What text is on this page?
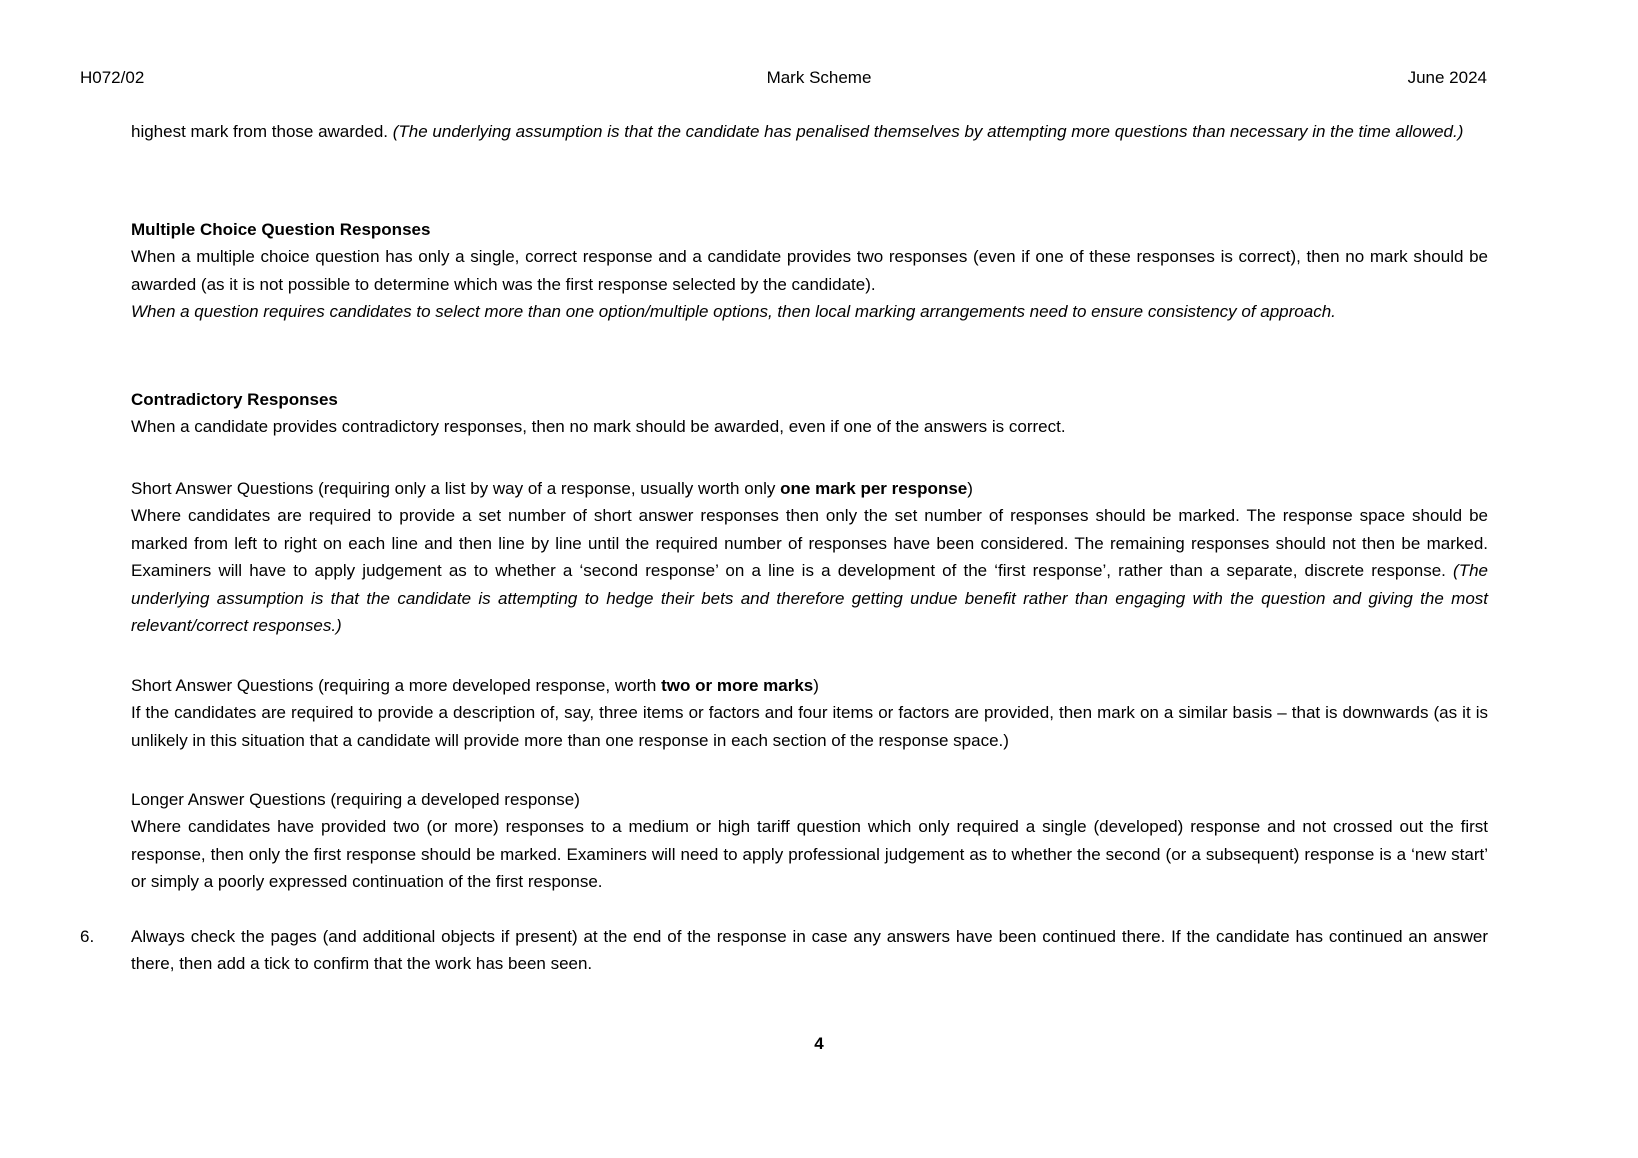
H072/02	Mark Scheme	June 2024

highest mark from those awarded. (The underlying assumption is that the candidate has penalised themselves by attempting more questions than necessary in the time allowed.)

Multiple Choice Question Responses
When a multiple choice question has only a single, correct response and a candidate provides two responses (even if one of these responses is correct), then no mark should be awarded (as it is not possible to determine which was the first response selected by the candidate).
When a question requires candidates to select more than one option/multiple options, then local marking arrangements need to ensure consistency of approach.
Contradictory Responses
When a candidate provides contradictory responses, then no mark should be awarded, even if one of the answers is correct.
Short Answer Questions (requiring only a list by way of a response, usually worth only one mark per response)

Where candidates are required to provide a set number of short answer responses then only the set number of responses should be marked. The response space should be marked from left to right on each line and then line by line until the required number of responses have been considered. The remaining responses should not then be marked. Examiners will have to apply judgement as to whether a ‘second response’ on a line is a development of the ‘first response’, rather than a separate, discrete response. (The underlying assumption is that the candidate is attempting to hedge their bets and therefore getting undue benefit rather than engaging with the question and giving the most relevant/correct responses.)

Short Answer Questions (requiring a more developed response, worth two or more marks)
If the candidates are required to provide a description of, say, three items or factors and four items or factors are provided, then mark on a similar basis – that is downwards (as it is unlikely in this situation that a candidate will provide more than one response in each section of the response space.)
Longer Answer Questions (requiring a developed response)
Where candidates have provided two (or more) responses to a medium or high tariff question which only required a single (developed) response and not crossed out the first response, then only the first response should be marked. Examiners will need to apply professional judgement as to whether the second (or a subsequent) response is a ‘new start’ or simply a poorly expressed continuation of the first response.
6. Always check the pages (and additional objects if present) at the end of the response in case any answers have been continued there. If the candidate has continued an answer there, then add a tick to confirm that the work has been seen.
4
